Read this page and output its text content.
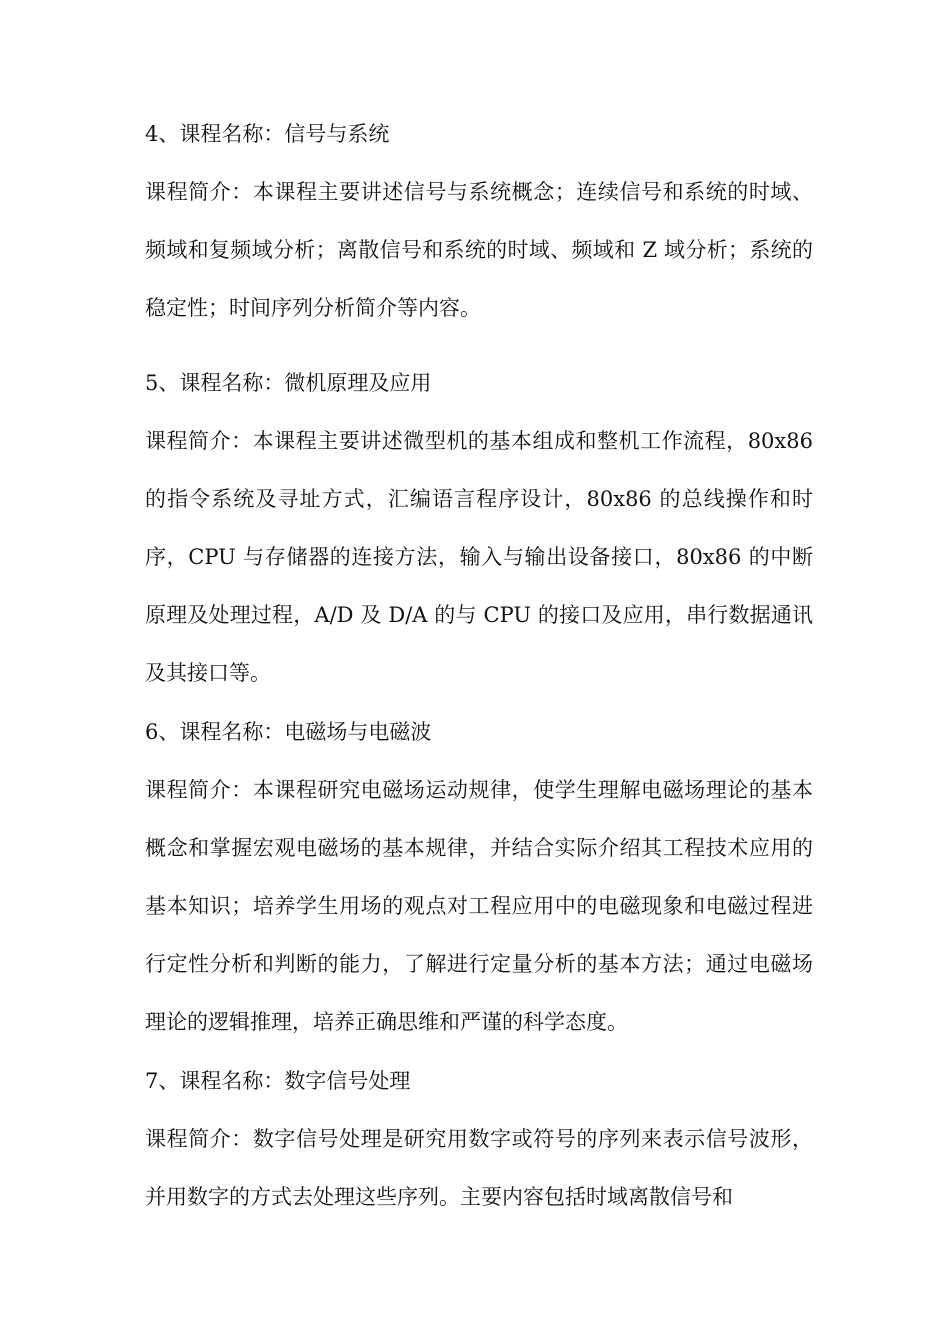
4、课程名称：信号与系统

课程简介：本课程主要讲述信号与系统概念；连续信号和系统的时域、频域和复频域分析；离散信号和系统的时域、频域和 Z 域分析；系统的稳定性；时间序列分析简介等内容。

5、课程名称：微机原理及应用

课程简介：本课程主要讲述微型机的基本组成和整机工作流程，80x86 的指令系统及寻址方式，汇编语言程序设计，80x86 的总线操作和时序，CPU 与存储器的连接方法，输入与输出设备接口，80x86 的中断原理及处理过程，A/D 及 D/A 的与 CPU 的接口及应用，串行数据通讯及其接口等。

6、课程名称：电磁场与电磁波

课程简介：本课程研究电磁场运动规律，使学生理解电磁场理论的基本概念和掌握宏观电磁场的基本规律，并结合实际介绍其工程技术应用的基本知识；培养学生用场的观点对工程应用中的电磁现象和电磁过程进行定性分析和判断的能力，了解进行定量分析的基本方法；通过电磁场理论的逻辑推理，培养正确思维和严谨的科学态度。

7、课程名称：数字信号处理

课程简介：数字信号处理是研究用数字或符号的序列来表示信号波形，并用数字的方式去处理这些序列。主要内容包括时域离散信号和
